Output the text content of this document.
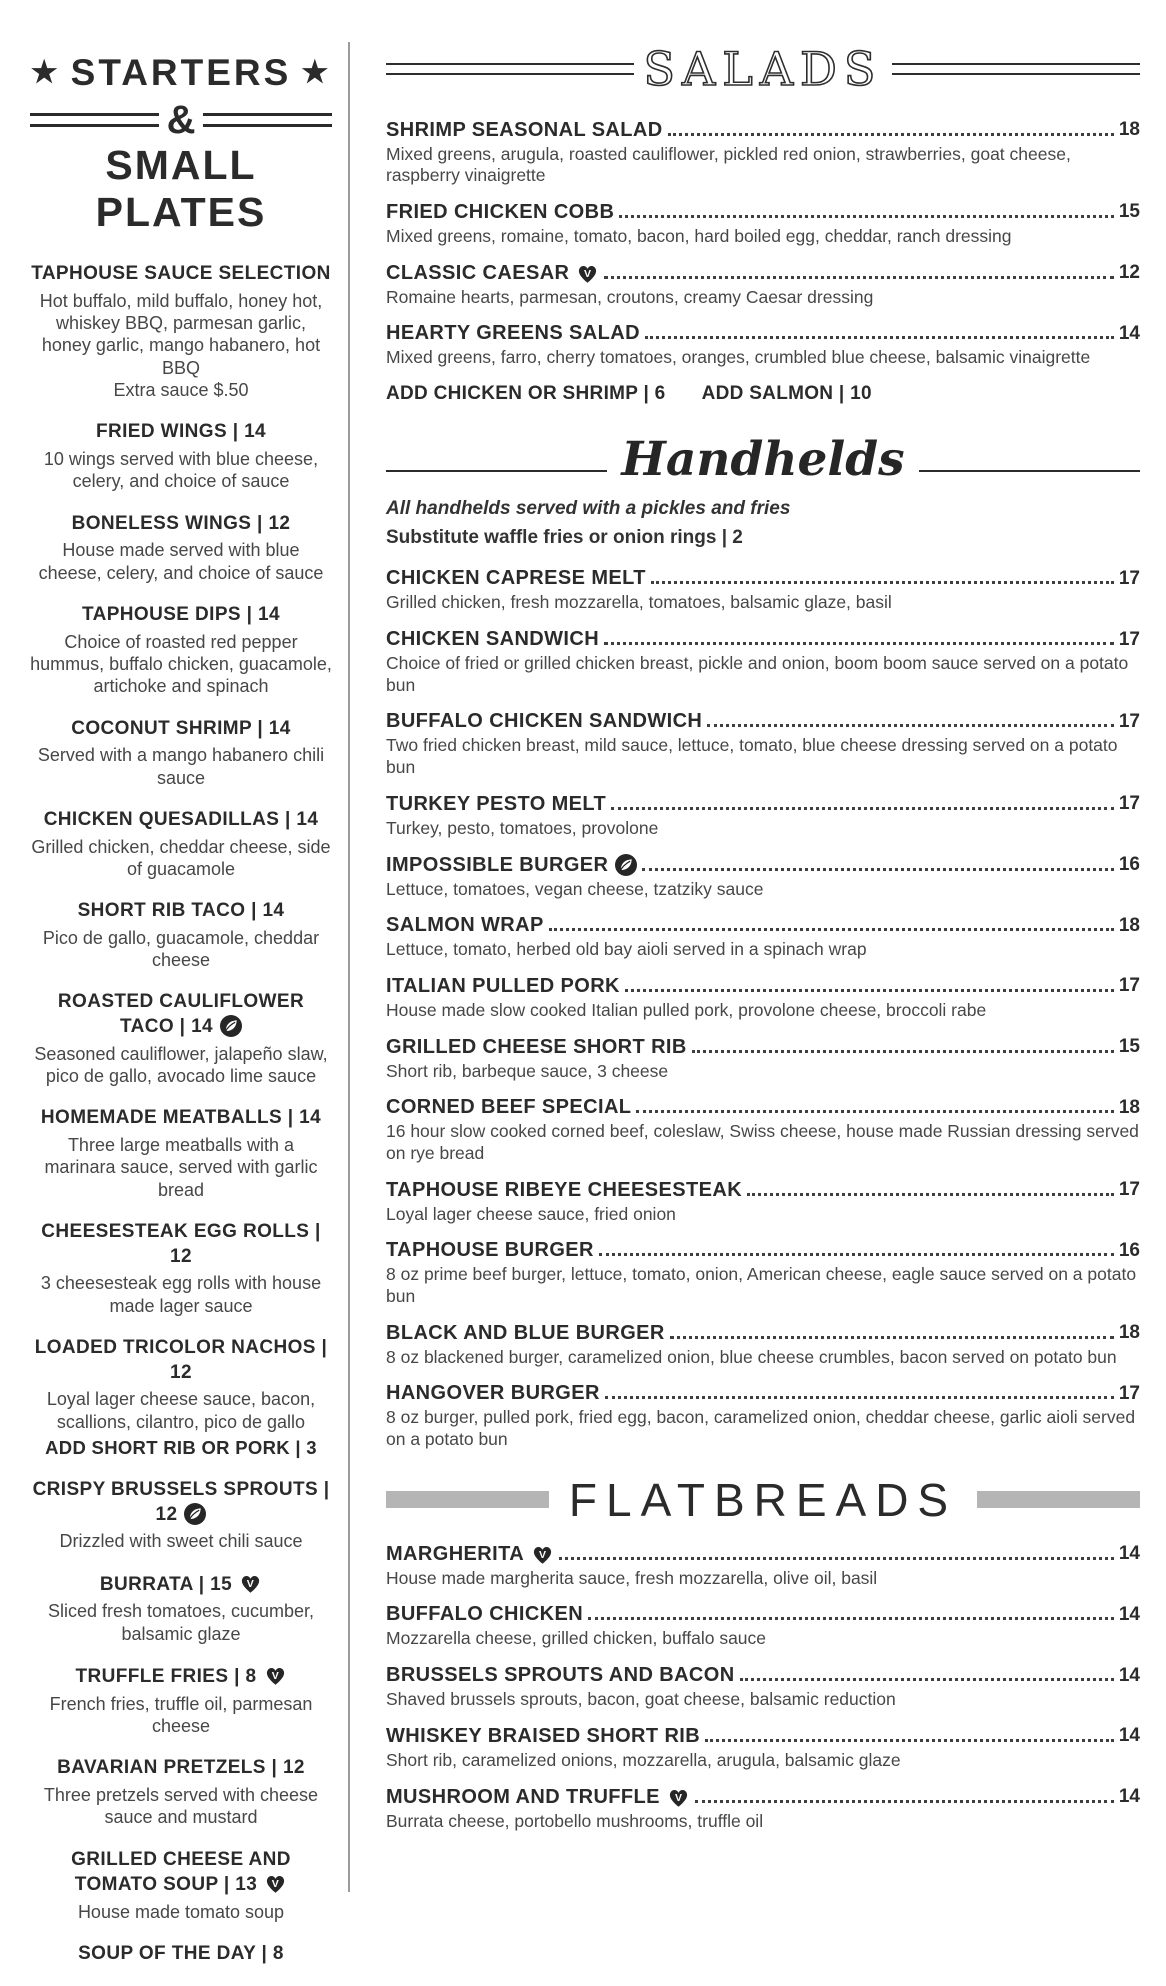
★
STARTERS
★
&
SMALL PLATES
TAPHOUSE SAUCE SELECTION
Hot buffalo, mild buffalo, honey hot, whiskey BBQ, parmesan garlic, honey garlic, mango habanero, hot BBQ
Extra sauce $.50
FRIED WINGS | 14
10 wings served with blue cheese, celery, and choice of sauce
BONELESS WINGS | 12
House made served with blue cheese, celery, and choice of sauce
TAPHOUSE DIPS | 14
Choice of roasted red pepper hummus, buffalo chicken, guacamole, artichoke and spinach
COCONUT SHRIMP | 14
Served with a mango habanero chili sauce
CHICKEN QUESADILLAS | 14
Grilled chicken, cheddar cheese, side of guacamole
SHORT RIB TACO | 14
Pico de gallo, guacamole, cheddar cheese
ROASTED CAULIFLOWER TACO | 14
Seasoned cauliflower, jalapeño slaw, pico de gallo, avocado lime sauce
HOMEMADE MEATBALLS | 14
Three large meatballs with a marinara sauce, served with garlic bread
CHEESESTEAK EGG ROLLS | 12
3 cheesesteak egg rolls with house made lager sauce
LOADED TRICOLOR NACHOS | 12
Loyal lager cheese sauce, bacon, scallions, cilantro, pico de gallo
ADD SHORT RIB OR PORK | 3
CRISPY BRUSSELS SPROUTS | 12
Drizzled with sweet chili sauce
BURRATA | 15 V
Sliced fresh tomatoes, cucumber, balsamic glaze
TRUFFLE FRIES | 8 V
French fries, truffle oil, parmesan cheese
BAVARIAN PRETZELS | 12
Three pretzels served with cheese sauce and mustard
GRILLED CHEESE AND TOMATO SOUP | 13 V
House made tomato soup
SOUP OF THE DAY | 8
SALADS
SHRIMP SEASONAL SALAD	18
Mixed greens, arugula, roasted cauliflower, pickled red onion, strawberries, goat cheese, raspberry vinaigrette
FRIED CHICKEN COBB	15
Mixed greens, romaine, tomato, bacon, hard boiled egg, cheddar, ranch dressing
CLASSIC CAESAR V	12
Romaine hearts, parmesan, croutons, creamy Caesar dressing
HEARTY GREENS SALAD	14
Mixed greens, farro, cherry tomatoes, oranges, crumbled blue cheese, balsamic vinaigrette
ADD CHICKEN OR SHRIMP | 6 ADD SALMON | 10
Handhelds

All handhelds served with a pickles and fries

Substitute waffle fries or onion rings | 2

CHICKEN CAPRESE MELT	17
Grilled chicken, fresh mozzarella, tomatoes, balsamic glaze, basil
CHICKEN SANDWICH	17
Choice of fried or grilled chicken breast, pickle and onion, boom boom sauce served on a potato bun
BUFFALO CHICKEN SANDWICH	17
Two fried chicken breast, mild sauce, lettuce, tomato, blue cheese dressing served on a potato bun
TURKEY PESTO MELT	17
Turkey, pesto, tomatoes, provolone
IMPOSSIBLE BURGER	16
Lettuce, tomatoes, vegan cheese, tzatziky sauce
SALMON WRAP	18
Lettuce, tomato, herbed old bay aioli served in a spinach wrap
ITALIAN PULLED PORK	17
House made slow cooked Italian pulled pork, provolone cheese, broccoli rabe
GRILLED CHEESE SHORT RIB	15
Short rib, barbeque sauce, 3 cheese
CORNED BEEF SPECIAL	18
16 hour slow cooked corned beef, coleslaw, Swiss cheese, house made Russian dressing served on rye bread
TAPHOUSE RIBEYE CHEESESTEAK	17
Loyal lager cheese sauce, fried onion
TAPHOUSE BURGER	16
8 oz prime beef burger, lettuce, tomato, onion, American cheese, eagle sauce served on a potato bun
BLACK AND BLUE BURGER	18
8 oz blackened burger, caramelized onion, blue cheese crumbles, bacon served on potato bun
HANGOVER BURGER	17
8 oz burger, pulled pork, fried egg, bacon, caramelized onion, cheddar cheese, garlic aioli served on a potato bun
FLATBREADS
MARGHERITA V	14
House made margherita sauce, fresh mozzarella, olive oil, basil
BUFFALO CHICKEN	14
Mozzarella cheese, grilled chicken, buffalo sauce
BRUSSELS SPROUTS AND BACON	14
Shaved brussels sprouts, bacon, goat cheese, balsamic reduction
WHISKEY BRAISED SHORT RIB	14
Short rib, caramelized onions, mozzarella, arugula, balsamic glaze
MUSHROOM AND TRUFFLE V	14
Burrata cheese, portobello mushrooms, truffle oil
